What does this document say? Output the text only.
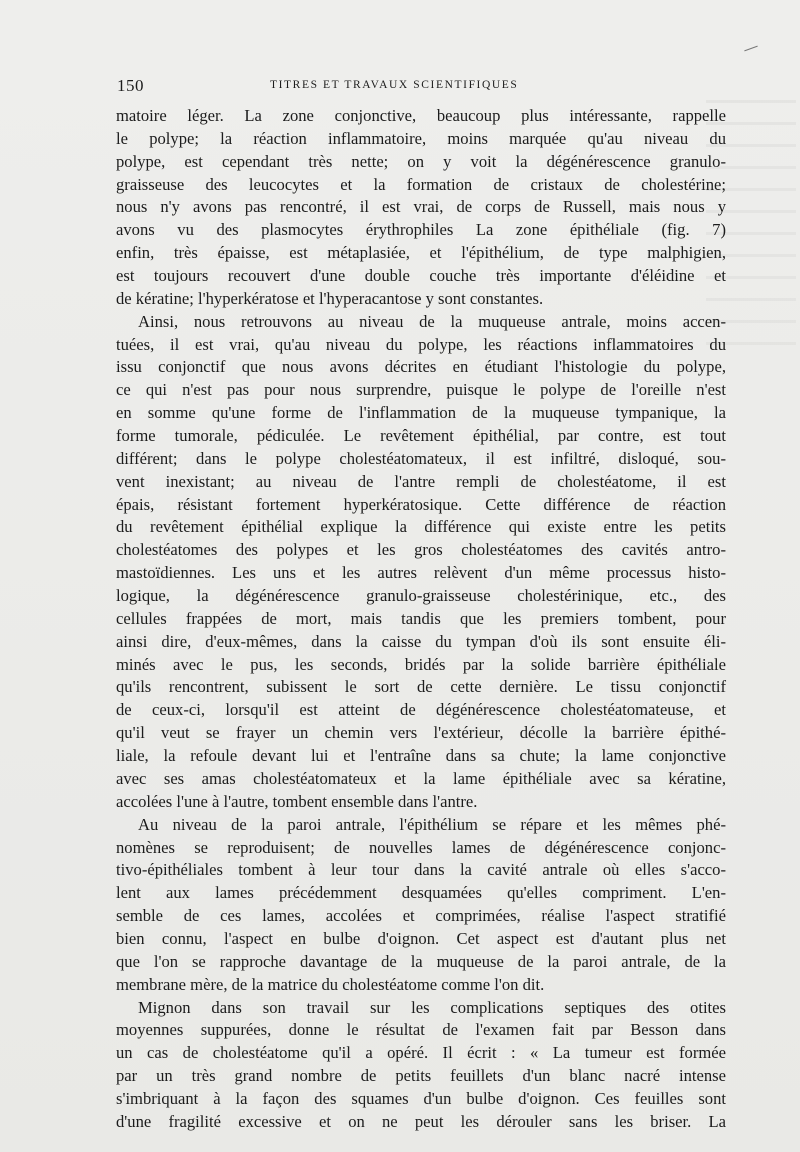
150	TITRES ET TRAVAUX SCIENTIFIQUES
matoire léger. La zone conjonctive, beaucoup plus intéressante, rappelle
le polype; la réaction inflammatoire, moins marquée qu'au niveau du
polype, est cependant très nette; on y voit la dégénérescence granulo-
graisseuse des leucocytes et la formation de cristaux de cholestérine;
nous n'y avons pas rencontré, il est vrai, de corps de Russell, mais nous y
avons vu des plasmocytes érythrophiles La zone épithéliale (fig. 7)
enfin, très épaisse, est métaplasiée, et l'épithélium, de type malphigien,
est toujours recouvert d'une double couche très importante d'éléidine et
de kératine; l'hyperkératose et l'hyperacantose y sont constantes.
Ainsi, nous retrouvons au niveau de la muqueuse antrale, moins accen-
tuées, il est vrai, qu'au niveau du polype, les réactions inflammatoires du
issu conjonctif que nous avons décrites en étudiant l'histologie du polype,
ce qui n'est pas pour nous surprendre, puisque le polype de l'oreille n'est
en somme qu'une forme de l'inflammation de la muqueuse tympanique, la
forme tumorale, pédiculée. Le revêtement épithélial, par contre, est tout
différent; dans le polype cholestéatomateux, il est infiltré, disloqué, sou-
vent inexistant; au niveau de l'antre rempli de cholestéatome, il est
épais, résistant fortement hyperkératosique. Cette différence de réaction
du revêtement épithélial explique la différence qui existe entre les petits
cholestéatomes des polypes et les gros cholestéatomes des cavités antro-
mastoïdiennes. Les uns et les autres relèvent d'un même processus histo-
logique, la dégénérescence granulo-graisseuse cholestérinique, etc., des
cellules frappées de mort, mais tandis que les premiers tombent, pour
ainsi dire, d'eux-mêmes, dans la caisse du tympan d'où ils sont ensuite éli-
minés avec le pus, les seconds, bridés par la solide barrière épithéliale
qu'ils rencontrent, subissent le sort de cette dernière. Le tissu conjonctif
de ceux-ci, lorsqu'il est atteint de dégénérescence cholestéatomateuse, et
qu'il veut se frayer un chemin vers l'extérieur, décolle la barrière épithé-
liale, la refoule devant lui et l'entraîne dans sa chute; la lame conjonctive
avec ses amas cholestéatomateux et la lame épithéliale avec sa kératine,
accolées l'une à l'autre, tombent ensemble dans l'antre.
Au niveau de la paroi antrale, l'épithélium se répare et les mêmes phé-
nomènes se reproduisent; de nouvelles lames de dégénérescence conjonc-
tivo-épithéliales tombent à leur tour dans la cavité antrale où elles s'acco-
lent aux lames précédemment desquamées qu'elles compriment. L'en-
semble de ces lames, accolées et comprimées, réalise l'aspect stratifié
bien connu, l'aspect en bulbe d'oignon. Cet aspect est d'autant plus net
que l'on se rapproche davantage de la muqueuse de la paroi antrale, de la
membrane mère, de la matrice du cholestéatome comme l'on dit.
Mignon dans son travail sur les complications septiques des otites
moyennes suppurées, donne le résultat de l'examen fait par Besson dans
un cas de cholestéatome qu'il a opéré. Il écrit : « La tumeur est formée
par un très grand nombre de petits feuillets d'un blanc nacré intense
s'imbriquant à la façon des squames d'un bulbe d'oignon. Ces feuilles sont
d'une fragilité excessive et on ne peut les dérouler sans les briser. La
